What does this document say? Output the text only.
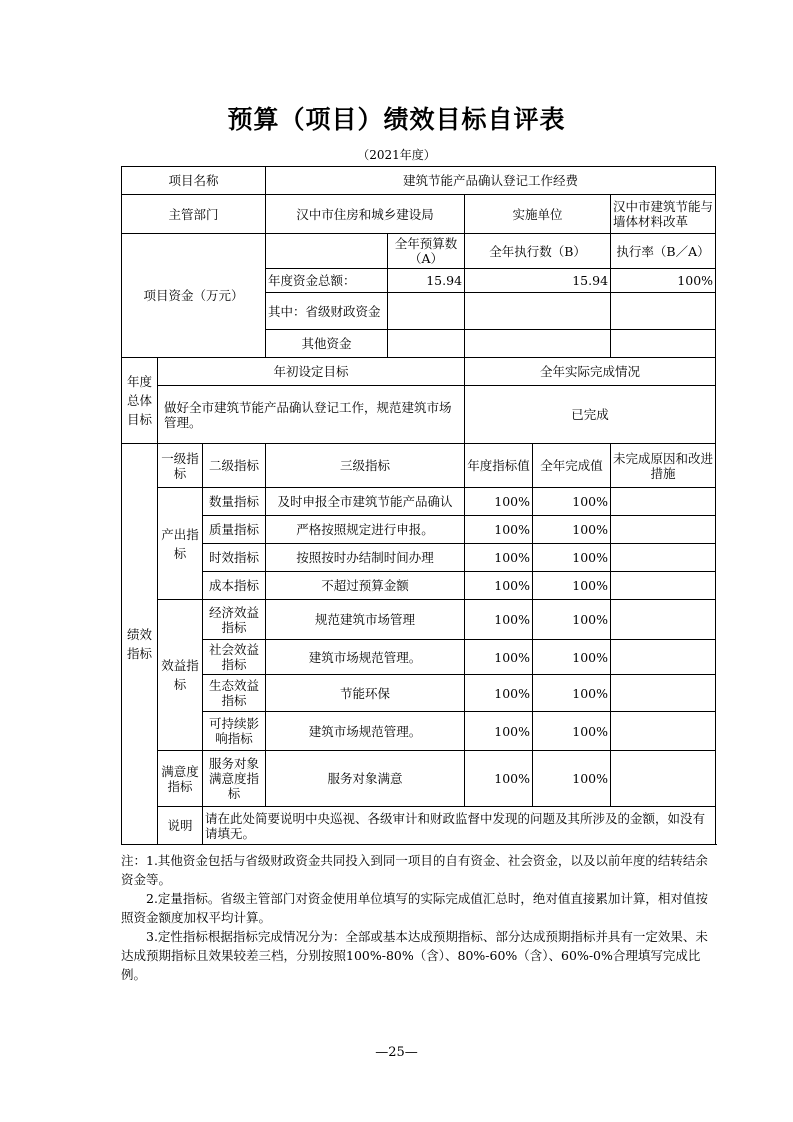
预算（项目）绩效目标自评表
（2021年度）
项目名称			建筑节能产品确认登记工作经费				
主管部门			汉中市住房和城乡建设局		实施单位		汉中市建筑节能与墙体材料改革
项目资金（万元）				全年预算数（A）	全年执行数（B）		执行率（B／A）
			年度资金总额：	15.94	15.94		100%
			其中：省级财政资金				
			其他资金				
年度总体目标	年初设定目标				全年实际完成情况		
	做好全市建筑节能产品确认登记工作，规范建筑市场管理。				已完成		
绩效指标	一级指标	二级指标	三级指标		年度指标值	全年完成值	未完成原因和改进措施
	产出指标	数量指标	及时申报全市建筑节能产品确认		100%	100%	
		质量指标	严格按照规定进行申报。		100%	100%	
		时效指标	按照按时办结制时间办理		100%	100%	
		成本指标	不超过预算金额		100%	100%	
	效益指标	经济效益指标	规范建筑市场管理		100%	100%	
		社会效益指标	建筑市场规范管理。		100%	100%	
		生态效益指标	节能环保		100%	100%	
		可持续影响指标	建筑市场规范管理。		100%	100%	
	满意度指标	服务对象满意度指标	服务对象满意		100%	100%	
	说明	请在此处简要说明中央巡视、各级审计和财政监督中发现的问题及其所涉及的金额，如没有请填无。					

注：1.其他资金包括与省级财政资金共同投入到同一项目的自有资金、社会资金，以及以前年度的结转结余资金等。

2.定量指标。省级主管部门对资金使用单位填写的实际完成值汇总时，绝对值直接累加计算，相对值按照资金额度加权平均计算。

3.定性指标根据指标完成情况分为：全部或基本达成预期指标、部分达成预期指标并具有一定效果、未达成预期指标且效果较差三档，分别按照100%-80%（含）、80%-60%（含）、60%-0%合理填写完成比例。

—25—
